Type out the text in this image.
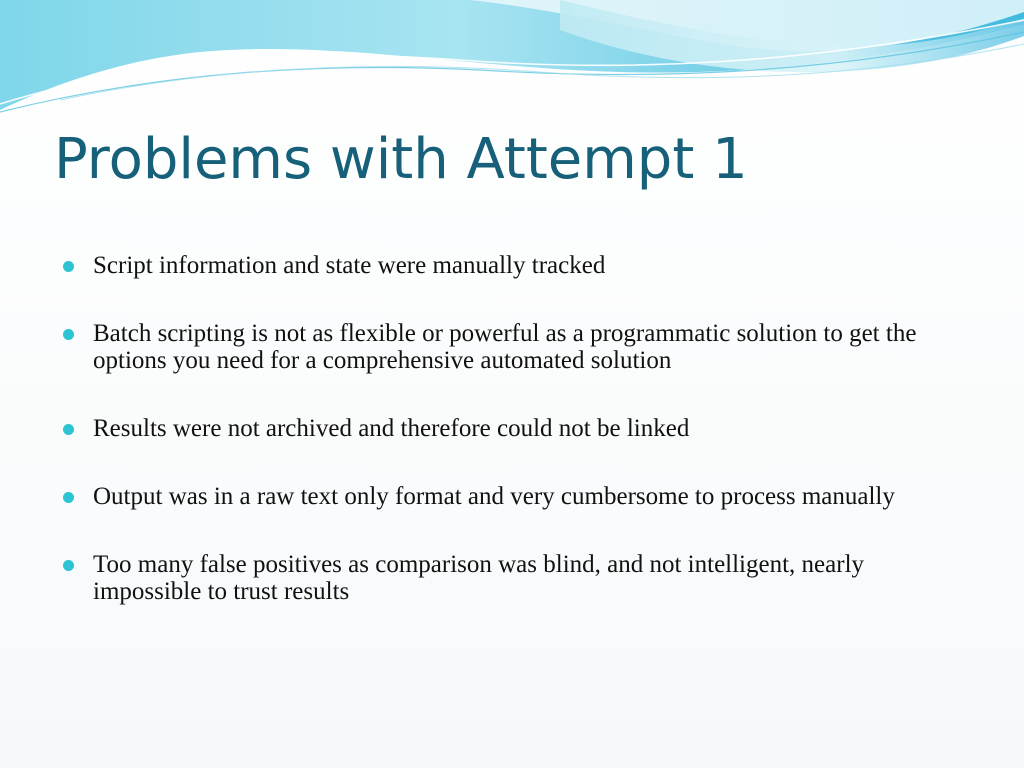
Problems with Attempt 1
Script information and state were manually tracked
Batch scripting is not as flexible or powerful as a programmatic solution to get the options you need for a comprehensive automated solution
Results were not archived and therefore could not be linked
Output was in a raw text only format and very cumbersome to process manually
Too many false positives as comparison was blind, and not intelligent, nearly impossible to trust results
